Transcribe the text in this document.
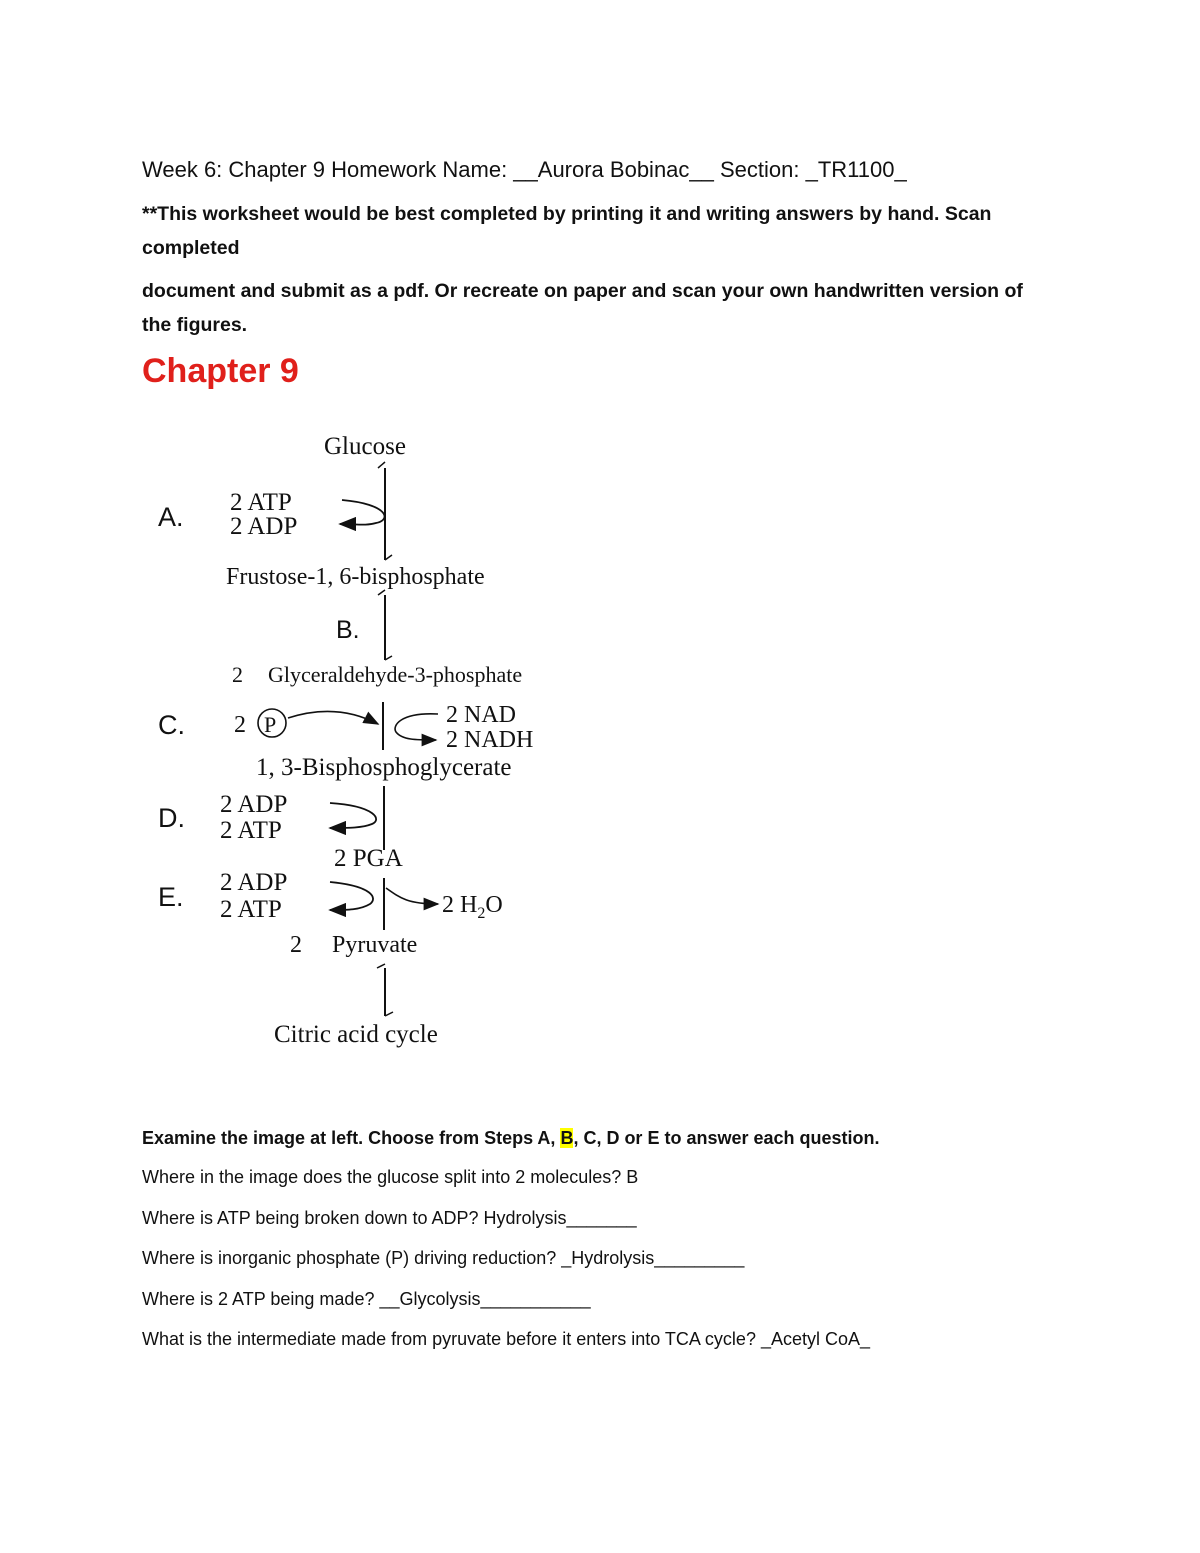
Week 6: Chapter 9 Homework Name: __Aurora Bobinac__ Section: _TR1100_
**This worksheet would be best completed by printing it and writing answers by hand. Scan
completed
document and submit as a pdf. Or recreate on paper and scan your own handwritten version of
the figures.
Chapter 9
Glucose
A. 2 ATP
2 ADP
Frustose-1, 6-bisphosphate
B.
2 Glyceraldehyde-3-phosphate
C. 2 P	2 NAD
2 NADH
1, 3-Bisphosphoglycerate
D. 2 ADP
2 ATP
2 PGA
E. 2 ADP
2 ATP	2 $H_2O$
2 Pyruvate
Citric acid cycle
Examine the image at left. Choose from Steps A, B, C, D or E to answer each question.
Where in the image does the glucose split into 2 molecules? B
Where is ATP being broken down to ADP? Hydrolysis_______
Where is inorganic phosphate (P) driving reduction? _Hydrolysis_________
Where is 2 ATP being made? __Glycolysis___________
What is the intermediate made from pyruvate before it enters into TCA cycle? _Acetyl CoA_
